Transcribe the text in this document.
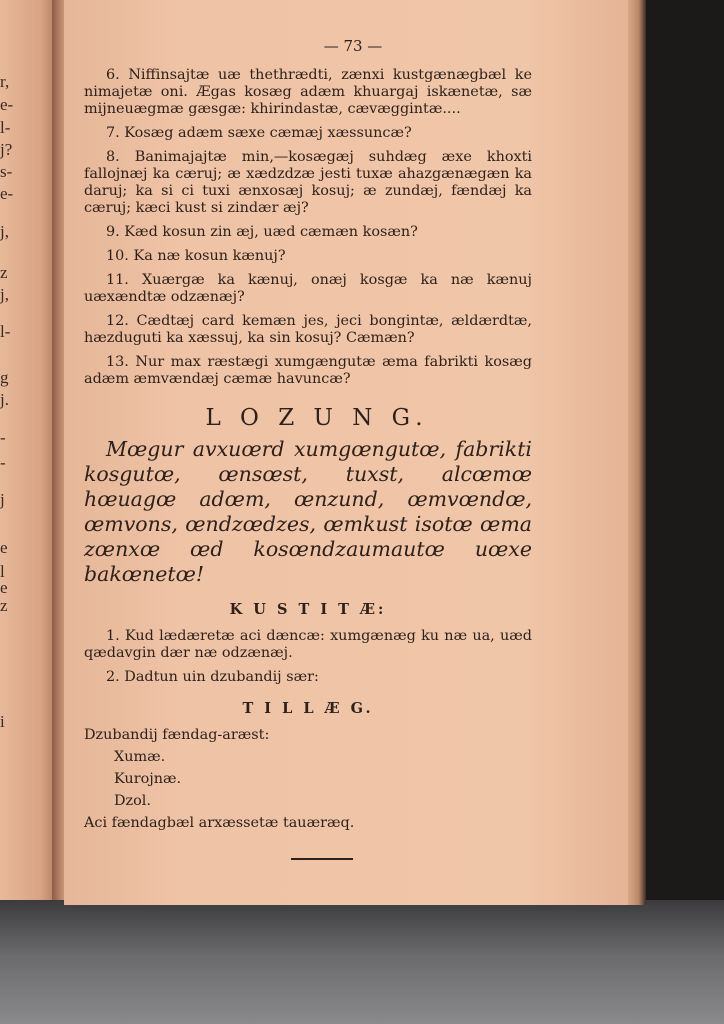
r,
e-
l-
j?
s-
e-
j,
z
j,
l-
g
j.
-
-
j
e
l
e
z
i
— 73 —

6. Niffinsajtæ uæ thethrædti, zænxi kustgænægbæl ke nimajetæ oni. Ægas kosæg adæm khuargaj iskænetæ, sæ mijneuægmæ gæsgæ: khirindastæ, cævæggintæ....

7. Kosæg adæm sæxe cæmæj xæssuncæ?

8. Banimajajtæ min,—kosægæj suhdæg æxe khoxti fallojnæj ka cæruj; æ xædzdzæ jesti tuxæ ahazgænægæn ka daruj; ka si ci tuxi ænxosæj kosuj; æ zundæj, fændæj ka cæruj; kæci kust si zindær æj?

9. Kæd kosun zin æj, uæd cæmæn kosæn?

10. Ka næ kosun kænuj?

11. Xuærgæ ka kænuj, onæj kosgæ ka næ kænuj uæxændtæ odzænæj?

12. Cædtæj card kemæn jes, jeci bongintæ, ældærdtæ, hæzduguti ka xæssuj, ka sin kosuj? Cæmæn?

13. Nur max ræstægi xumgængutæ æma fabrikti kosæg adæm æmvændæj cæmæ havuncæ?

L O Z U N G.

Mœgur avxuœrd xumgœngutœ, fabrikti kosgutœ, œnsœst, tuxst, alcœmœ hœuagœ adœm, œnzund, œmvœndœ, œmvons, œndzœdzes, œmkust isotœ œma zœnxœ œd kosœndzaumautœ uœxe bakœnetœ!

K U S T I T Æ:

1. Kud lædæretæ aci dæncæ: xumgænæg ku næ ua, uæd qædavgin dær næ odzænæj.

2. Dadtun uin dzubandij sær:

T I L L Æ G.
Dzubandij fændag-aræst:
Xumæ.
Kurojnæ.
Dzol.
Aci fændagbæl arxæssetæ tauæræq.
